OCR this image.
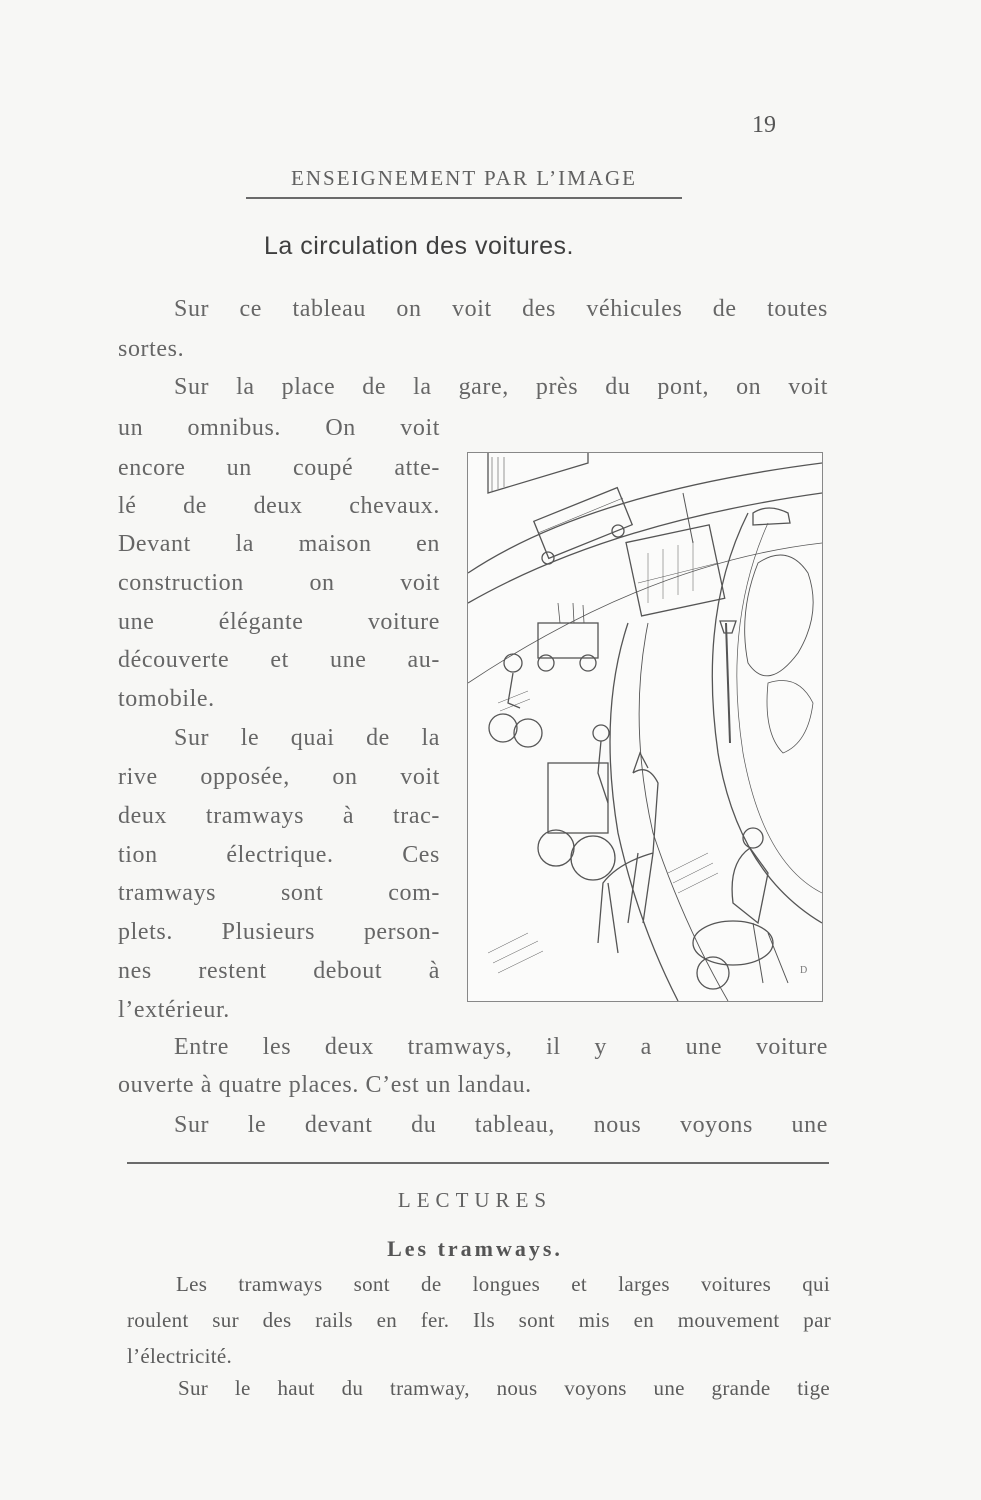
19
ENSEIGNEMENT PAR L’IMAGE
La circulation des voitures.
Sur ce tableau on voit des véhicules de toutes
sortes.
Sur la place de la gare, près du pont, on voit
un omnibus. On voit
encore un coupé atte-
lé de deux chevaux.
Devant la maison en
construction on voit
une élégante voiture
découverte et une au-
tomobile.
Sur le quai de la
rive opposée, on voit
deux tramways à trac-
tion électrique. Ces
tramways sont com-
plets. Plusieurs person-
nes restent debout à
l’extérieur.
Entre les deux tramways, il y a une voiture
ouverte à quatre places. C’est un landau.
Sur le devant du tableau, nous voyons une
D
LECTURES
Les tramways.
Les tramways sont de longues et larges voitures qui
roulent sur des rails en fer. Ils sont mis en mouvement par
l’électricité.
Sur le haut du tramway, nous voyons une grande tige
